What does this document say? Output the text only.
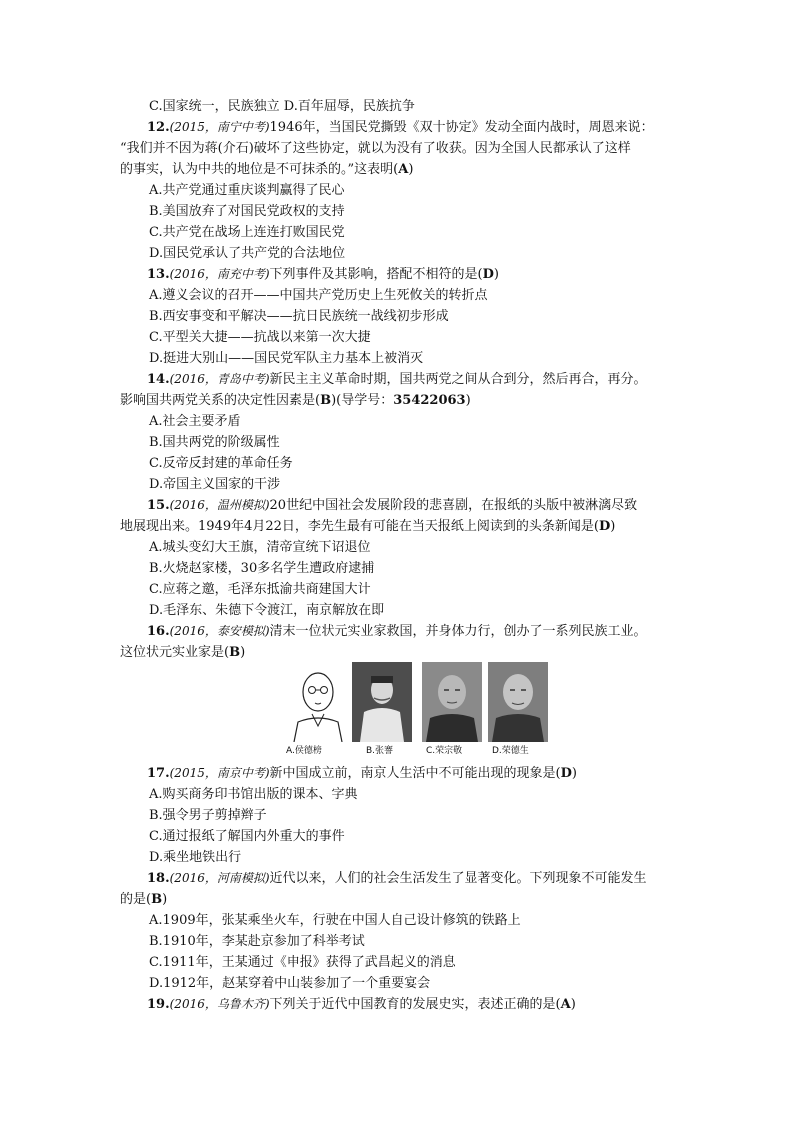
C.国家统一，民族独立 D.百年屈辱，民族抗争
12.(2015，南宁中考)1946年，当国民党撕毁《双十协定》发动全面内战时，周恩来说：
“我们并不因为蒋(介石)破坏了这些协定，就以为没有了收获。因为全国人民都承认了这样
的事实，认为中共的地位是不可抹杀的。”这表明(A)
A.共产党通过重庆谈判赢得了民心
B.美国放弃了对国民党政权的支持
C.共产党在战场上连连打败国民党
D.国民党承认了共产党的合法地位
13.(2016，南充中考)下列事件及其影响，搭配不相符的是(D)
A.遵义会议的召开——中国共产党历史上生死攸关的转折点
B.西安事变和平解决——抗日民族统一战线初步形成
C.平型关大捷——抗战以来第一次大捷
D.挺进大别山——国民党军队主力基本上被消灭
14.(2016，青岛中考)新民主主义革命时期，国共两党之间从合到分，然后再合，再分。
影响国共两党关系的决定性因素是(B)(导学号：35422063)
A.社会主要矛盾
B.国共两党的阶级属性
C.反帝反封建的革命任务
D.帝国主义国家的干涉
15.(2016，温州模拟)20世纪中国社会发展阶段的悲喜剧，在报纸的头版中被淋漓尽致
地展现出来。1949年4月22日，李先生最有可能在当天报纸上阅读到的头条新闻是(D)
A.城头变幻大王旗，清帝宣统下诏退位
B.火烧赵家楼，30多名学生遭政府逮捕
C.应蒋之邀，毛泽东抵渝共商建国大计
D.毛泽东、朱德下令渡江，南京解放在即
16.(2016，泰安模拟)清末一位状元实业家救国，并身体力行，创办了一系列民族工业。
这位状元实业家是(B)
A.侯德榜	B.张謇	C.荣宗敬	D.荣德生
17.(2015，南京中考)新中国成立前，南京人生活中不可能出现的现象是(D)
A.购买商务印书馆出版的课本、字典
B.强令男子剪掉辫子
C.通过报纸了解国内外重大的事件
D.乘坐地铁出行
18.(2016，河南模拟)近代以来，人们的社会生活发生了显著变化。下列现象不可能发生
的是(B)
A.1909年，张某乘坐火车，行驶在中国人自己设计修筑的铁路上
B.1910年，李某赴京参加了科举考试
C.1911年，王某通过《申报》获得了武昌起义的消息
D.1912年，赵某穿着中山装参加了一个重要宴会
19.(2016，乌鲁木齐)下列关于近代中国教育的发展史实，表述正确的是(A)
